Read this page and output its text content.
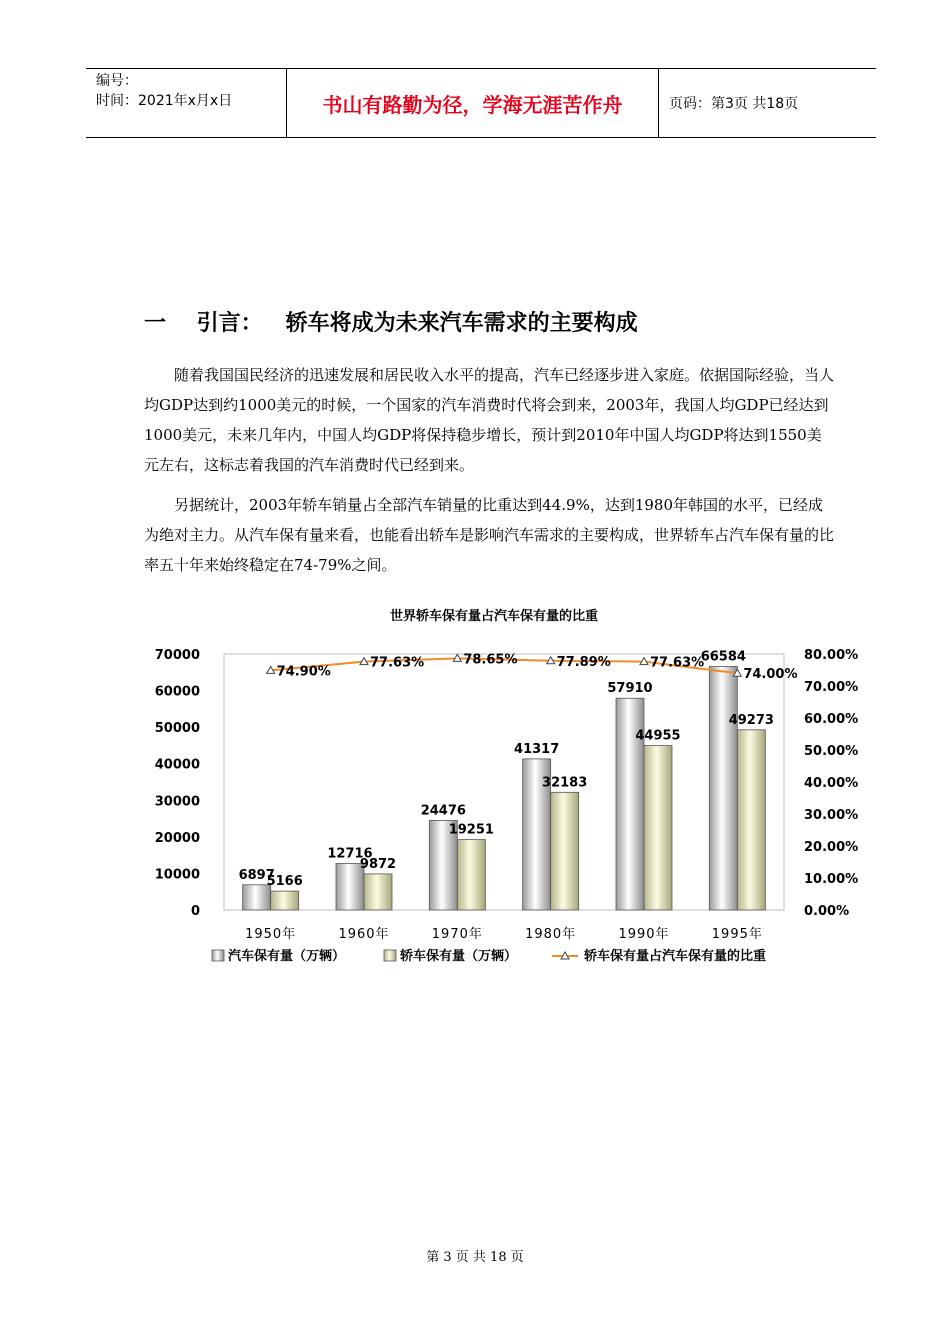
编号：
时间：2021年x月x日	书山有路勤为径，学海无涯苦作舟	页码：第3页 共18页
一    引言：   轿车将成为未来汽车需求的主要构成

随着我国国民经济的迅速发展和居民收入水平的提高，汽车已经逐步进入家庭。依据国际经验，当人均GDP达到约1000美元的时候，一个国家的汽车消费时代将会到来，2003年，我国人均GDP已经达到1000美元，未来几年内，中国人均GDP将保持稳步增长，预计到2010年中国人均GDP将达到1550美元左右，这标志着我国的汽车消费时代已经到来。

另据统计，2003年轿车销量占全部汽车销量的比重达到44.9%，达到1980年韩国的水平，已经成为绝对主力。从汽车保有量来看，也能看出轿车是影响汽车需求的主要构成，世界轿车占汽车保有量的比率五十年来始终稳定在74-79%之间。

世界轿车保有量占汽车保有量的比重
0
10000
20000
30000
40000
50000
60000
70000
0.00%
10.00%
20.00%
30.00%
40.00%
50.00%
60.00%
70.00%
80.00%
6897
5166
1950年
12716
9872
1960年
24476
19251
1970年
41317
32183
1980年
57910
44955
1990年
66584
49273
1995年
74.90%
77.63%	78.65%	77.89%	77.63%
74.00%
汽车保有量（万辆）	轿车保有量（万辆）	轿车保有量占汽车保有量的比重
第 3 页 共 18 页
